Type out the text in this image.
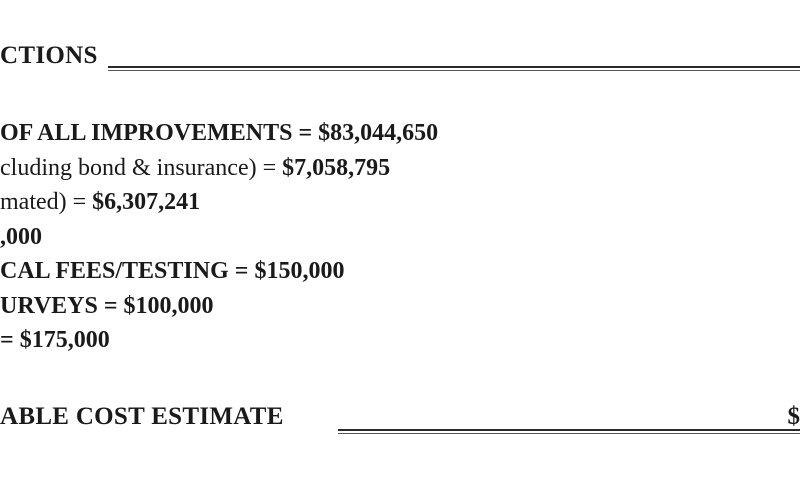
CTIONS
OF ALL IMPROVEMENTS = $83,044,650
cluding bond & insurance) = $7,058,795
mated) = $6,307,241
,000
CAL FEES/TESTING = $150,000
URVEYS = $100,000
= $175,000
ABLE COST ESTIMATE	$
